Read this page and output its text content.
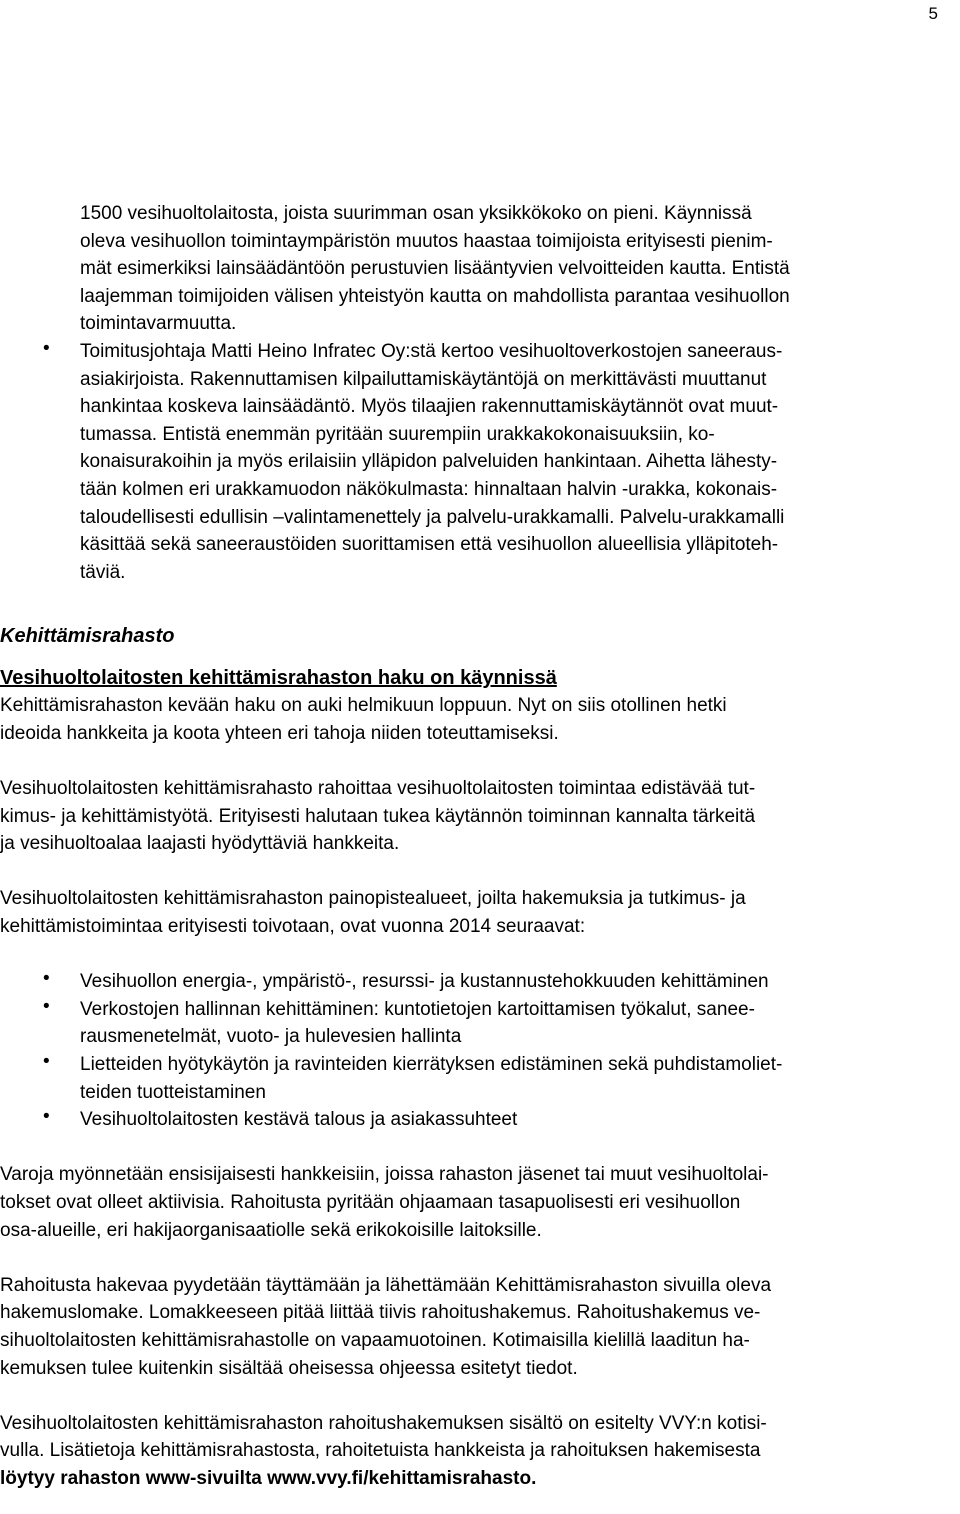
5
1500 vesihuoltolaitosta, joista suurimman osan yksikkökoko on pieni. Käynnissä
oleva vesihuollon toimintaympäristön muutos haastaa toimijoista erityisesti pienim-
mät esimerkiksi lainsäädäntöön perustuvien lisääntyvien velvoitteiden kautta. Entistä
laajemman toimijoiden välisen yhteistyön kautta on mahdollista parantaa vesihuollon
toimintavarmuutta.
•	Toimitusjohtaja Matti Heino Infratec Oy:stä kertoo vesihuoltoverkostojen saneeraus-
asiakirjoista. Rakennuttamisen kilpailuttamiskäytäntöjä on merkittävästi muuttanut
hankintaa koskeva lainsäädäntö. Myös tilaajien rakennuttamiskäytännöt ovat muut-
tumassa. Entistä enemmän pyritään suurempiin urakkakokonaisuuksiin, ko-
konaisurakoihin ja myös erilaisiin ylläpidon palveluiden hankintaan. Aihetta lähesty-
tään kolmen eri urakkamuodon näkökulmasta: hinnaltaan halvin -urakka, kokonais-
taloudellisesti edullisin –valintamenettely ja palvelu-urakkamalli. Palvelu-urakkamalli
käsittää sekä saneeraustöiden suorittamisen että vesihuollon alueellisia ylläpitoteh-
täviä.
Kehittämisrahasto
Vesihuoltolaitosten kehittämisrahaston haku on käynnissä
Kehittämisrahaston kevään haku on auki helmikuun loppuun. Nyt on siis otollinen hetki
ideoida hankkeita ja koota yhteen eri tahoja niiden toteuttamiseksi.
Vesihuoltolaitosten kehittämisrahasto rahoittaa vesihuoltolaitosten toimintaa edistävää tut-
kimus- ja kehittämistyötä. Erityisesti halutaan tukea käytännön toiminnan kannalta tärkeitä
ja vesihuoltoalaa laajasti hyödyttäviä hankkeita.
Vesihuoltolaitosten kehittämisrahaston painopistealueet, joilta hakemuksia ja tutkimus- ja
kehittämistoimintaa erityisesti toivotaan, ovat vuonna 2014 seuraavat:
•	Vesihuollon energia-, ympäristö-, resurssi- ja kustannustehokkuuden kehittäminen
•	Verkostojen hallinnan kehittäminen: kuntotietojen kartoittamisen työkalut, sanee-
rausmenetelmät, vuoto- ja hulevesien hallinta
•	Lietteiden hyötykäytön ja ravinteiden kierrätyksen edistäminen sekä puhdistamoliet-
teiden tuotteistaminen
•	Vesihuoltolaitosten kestävä talous ja asiakassuhteet
Varoja myönnetään ensisijaisesti hankkeisiin, joissa rahaston jäsenet tai muut vesihuoltolai-
tokset ovat olleet aktiivisia. Rahoitusta pyritään ohjaamaan tasapuolisesti eri vesihuollon
osa-alueille, eri hakijaorganisaatiolle sekä erikokoisille laitoksille.
Rahoitusta hakevaa pyydetään täyttämään ja lähettämään Kehittämisrahaston sivuilla oleva
hakemuslomake. Lomakkeeseen pitää liittää tiivis rahoitushakemus. Rahoitushakemus ve-
sihuoltolaitosten kehittämisrahastolle on vapaamuotoinen. Kotimaisilla kielillä laaditun ha-
kemuksen tulee kuitenkin sisältää oheisessa ohjeessa esitetyt tiedot.
Vesihuoltolaitosten kehittämisrahaston rahoitushakemuksen sisältö on esitelty VVY:n kotisi-
vulla. Lisätietoja kehittämisrahastosta, rahoitetuista hankkeista ja rahoituksen hakemisesta
löytyy rahaston www-sivuilta www.vvy.fi/kehittamisrahasto.
